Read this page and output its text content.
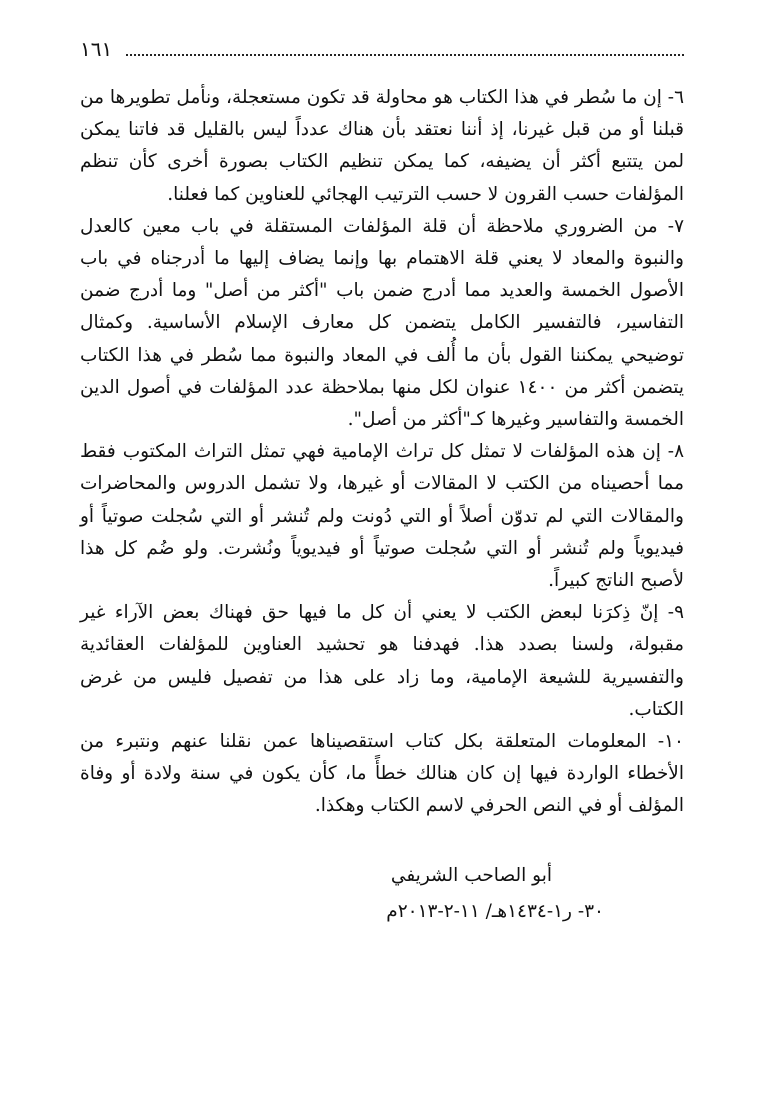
١٦١

٦- إن ما سُطر في هذا الكتاب هو محاولة قد تكون مستعجلة، ونأمل تطويرها من قبلنا أو من قبل غيرنا، إذ أننا نعتقد بأن هناك عدداً ليس بالقليل قد فاتنا يمكن لمن يتتبع أكثر أن يضيفه، كما يمكن تنظيم الكتاب بصورة أخرى كأن تنظم المؤلفات حسب القرون لا حسب الترتيب الهجائي للعناوين كما فعلنا.

٧- من الضروري ملاحظة أن قلة المؤلفات المستقلة في باب معين كالعدل والنبوة والمعاد لا يعني قلة الاهتمام بها وإنما يضاف إليها ما أدرجناه في باب الأصول الخمسة والعديد مما أدرج ضمن باب "أكثر من أصل" وما أدرج ضمن التفاسير، فالتفسير الكامل يتضمن كل معارف الإسلام الأساسية. وكمثال توضيحي يمكننا القول بأن ما أُلف في المعاد والنبوة مما سُطر في هذا الكتاب يتضمن أكثر من ١٤٠٠ عنوان لكل منها بملاحظة عدد المؤلفات في أصول الدين الخمسة والتفاسير وغيرها كـ"أكثر من أصل".

٨- إن هذه المؤلفات لا تمثل كل تراث الإمامية فهي تمثل التراث المكتوب فقط مما أحصيناه من الكتب لا المقالات أو غيرها، ولا تشمل الدروس والمحاضرات والمقالات التي لم تدوّن أصلاً أو التي دُونت ولم تُنشر أو التي سُجلت صوتياً أو فيديوياً ولم تُنشر أو التي سُجلت صوتياً أو فيديوياً ونُشرت. ولو ضُم كل هذا لأصبح الناتج كبيراً.

٩- إنّ ذِكرَنا لبعض الكتب لا يعني أن كل ما فيها حق فهناك بعض الآراء غير مقبولة، ولسنا بصدد هذا. فهدفنا هو تحشيد العناوين للمؤلفات العقائدية والتفسيرية للشيعة الإمامية، وما زاد على هذا من تفصيل فليس من غرض الكتاب.

١٠- المعلومات المتعلقة بكل كتاب استقصيناها عمن نقلنا عنهم ونتبرء من الأخطاء الواردة فيها إن كان هنالك خطأً ما، كأن يكون في سنة ولادة أو وفاة المؤلف أو في النص الحرفي لاسم الكتاب وهكذا.

أبو الصاحب الشريفي
٣٠- ر١-١٤٣٤هـ/ ١١-٢-٢٠١٣م
